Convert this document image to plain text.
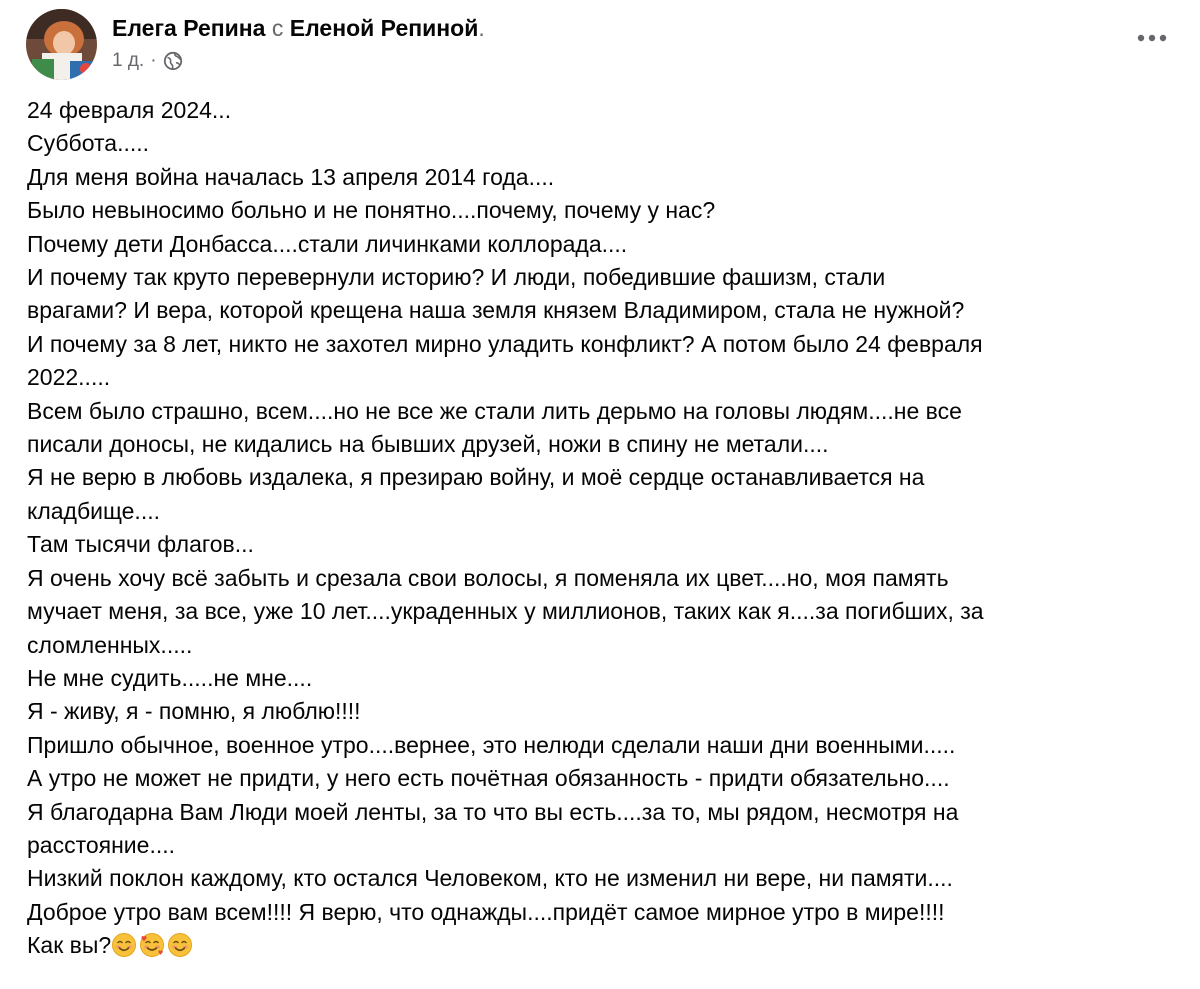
Елега Репина с Еленой Репиной.
1 д. ·
24 февраля 2024...
Суббота.....
Для меня война началась 13 апреля 2014 года....
Было невыносимо больно и не понятно....почему, почему у нас?
Почему дети Донбасса....стали личинками коллорада....
И почему так круто перевернули историю? И люди, победившие фашизм, стали
врагами? И вера, которой крещена наша земля князем Владимиром, стала не нужной?
И почему за 8 лет, никто не захотел мирно уладить конфликт? А потом было 24 февраля
2022.....
Всем было страшно, всем....но не все же стали лить дерьмо на головы людям....не все
писали доносы, не кидались на бывших друзей, ножи в спину не метали....
Я не верю в любовь издалека, я презираю войну, и моё сердце останавливается на
кладбище....
Там тысячи флагов...
Я очень хочу всё забыть и срезала свои волосы, я поменяла их цвет....но, моя память
мучает меня, за все, уже 10 лет....украденных у миллионов, таких как я....за погибших, за
сломленных.....
Не мне судить.....не мне....
Я - живу, я - помню, я люблю!!!!
Пришло обычное, военное утро....вернее, это нелюди сделали наши дни военными.....
А утро не может не придти, у него есть почётная обязанность - придти обязательно....
Я благодарна Вам Люди моей ленты, за то что вы есть....за то, мы рядом, несмотря на
расстояние....
Низкий поклон каждому, кто остался Человеком, кто не изменил ни вере, ни памяти....
Доброе утро вам всем!!!! Я верю, что однажды....придёт самое мирное утро в мире!!!!
Как вы?
